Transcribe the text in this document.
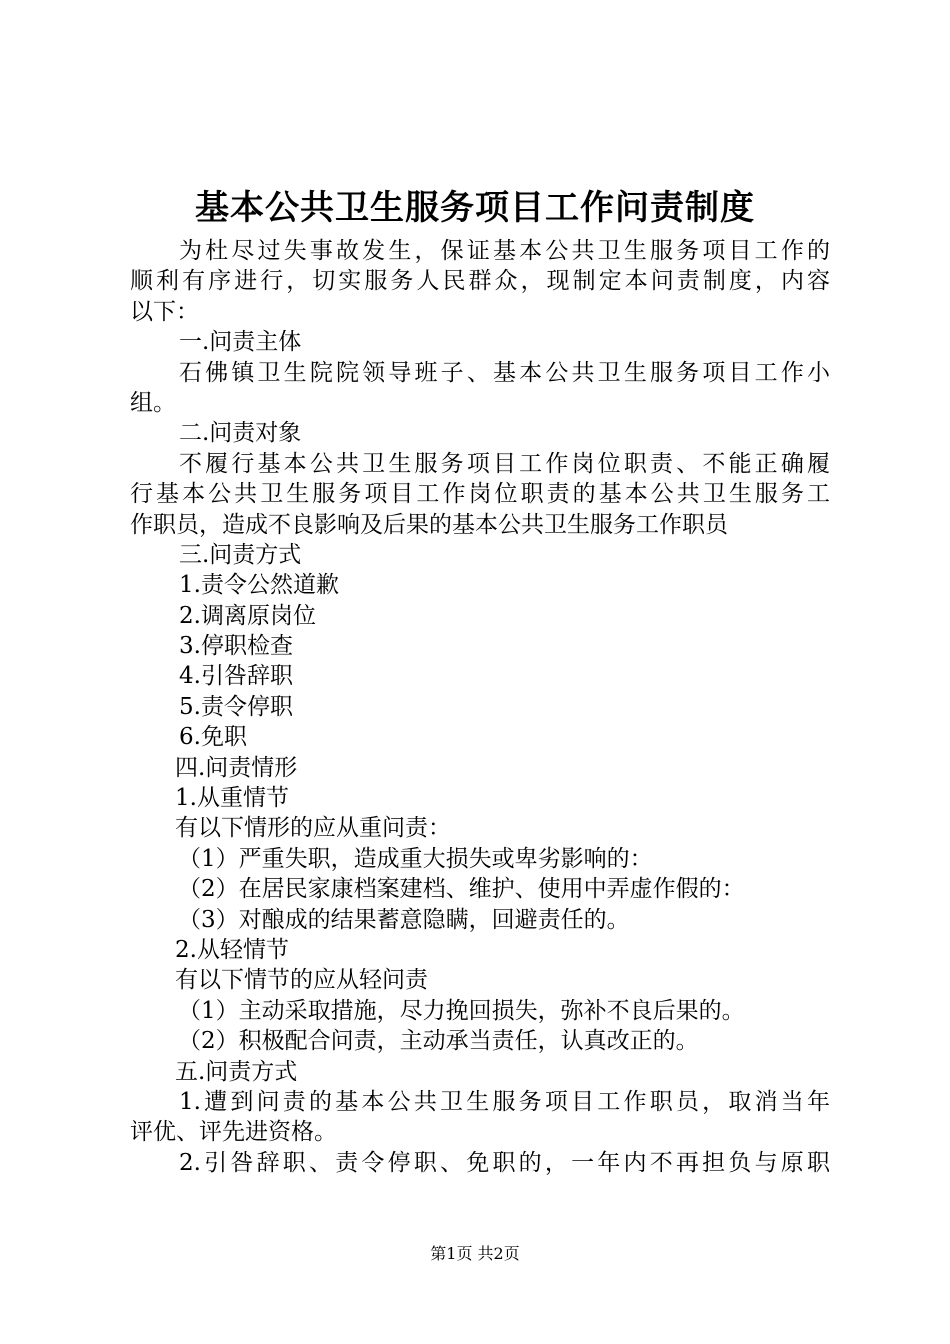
基本公共卫生服务项目工作问责制度
为杜尽过失事故发生，保证基本公共卫生服务项目工作的
顺利有序进行，切实服务人民群众，现制定本问责制度，内容
以下：
一.问责主体
石佛镇卫生院院领导班子、基本公共卫生服务项目工作小
组。
二.问责对象
不履行基本公共卫生服务项目工作岗位职责、不能正确履
行基本公共卫生服务项目工作岗位职责的基本公共卫生服务工
作职员，造成不良影响及后果的基本公共卫生服务工作职员
三.问责方式
1.责令公然道歉
2.调离原岗位
3.停职检查
4.引咎辞职
5.责令停职
6.免职
四.问责情形
1.从重情节
有以下情形的应从重问责：
（1）严重失职，造成重大损失或卑劣影响的：
（2）在居民家康档案建档、维护、使用中弄虚作假的：
（3）对酿成的结果蓄意隐瞒，回避责任的。
2.从轻情节
有以下情节的应从轻问责
（1）主动采取措施，尽力挽回损失，弥补不良后果的。
（2）积极配合问责，主动承当责任，认真改正的。
五.问责方式
1.遭到问责的基本公共卫生服务项目工作职员，取消当年
评优、评先进资格。
2.引咎辞职、责令停职、免职的，一年内不再担负与原职
第1页 共2页
